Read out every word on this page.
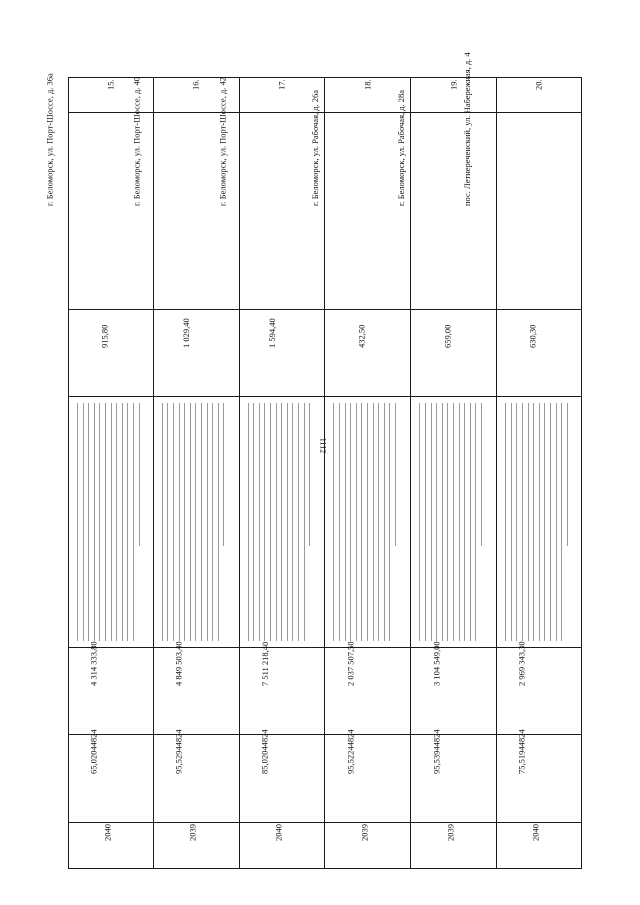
1112
15.	16.	17.	18.	19.	20.

г. Беломорск, ул. Порт-Шоссе, д. 36а	г. Беломорск, ул. Порт-Шоссе, д. 40	г. Беломорск, ул. Порт-Шоссе, д. 42	г. Беломорск, ул. Рабочая, д. 26а	г. Беломорск, ул. Рабочая, д. 28а	пос. Летнереченский, ул. Набережная, д. 4

915,80	1 029,40	1 594,40	432,50	659,00	630,30

4 314 333,80	4 849 503,40	7 511 218,40	2 037 507,50	3 104 549,00	2 969 343,30

65,02044824	95,52944824	85,02044824	95,52244824	95,53944824	75,51944824

2040	2039	2040	2039	2039	2040
